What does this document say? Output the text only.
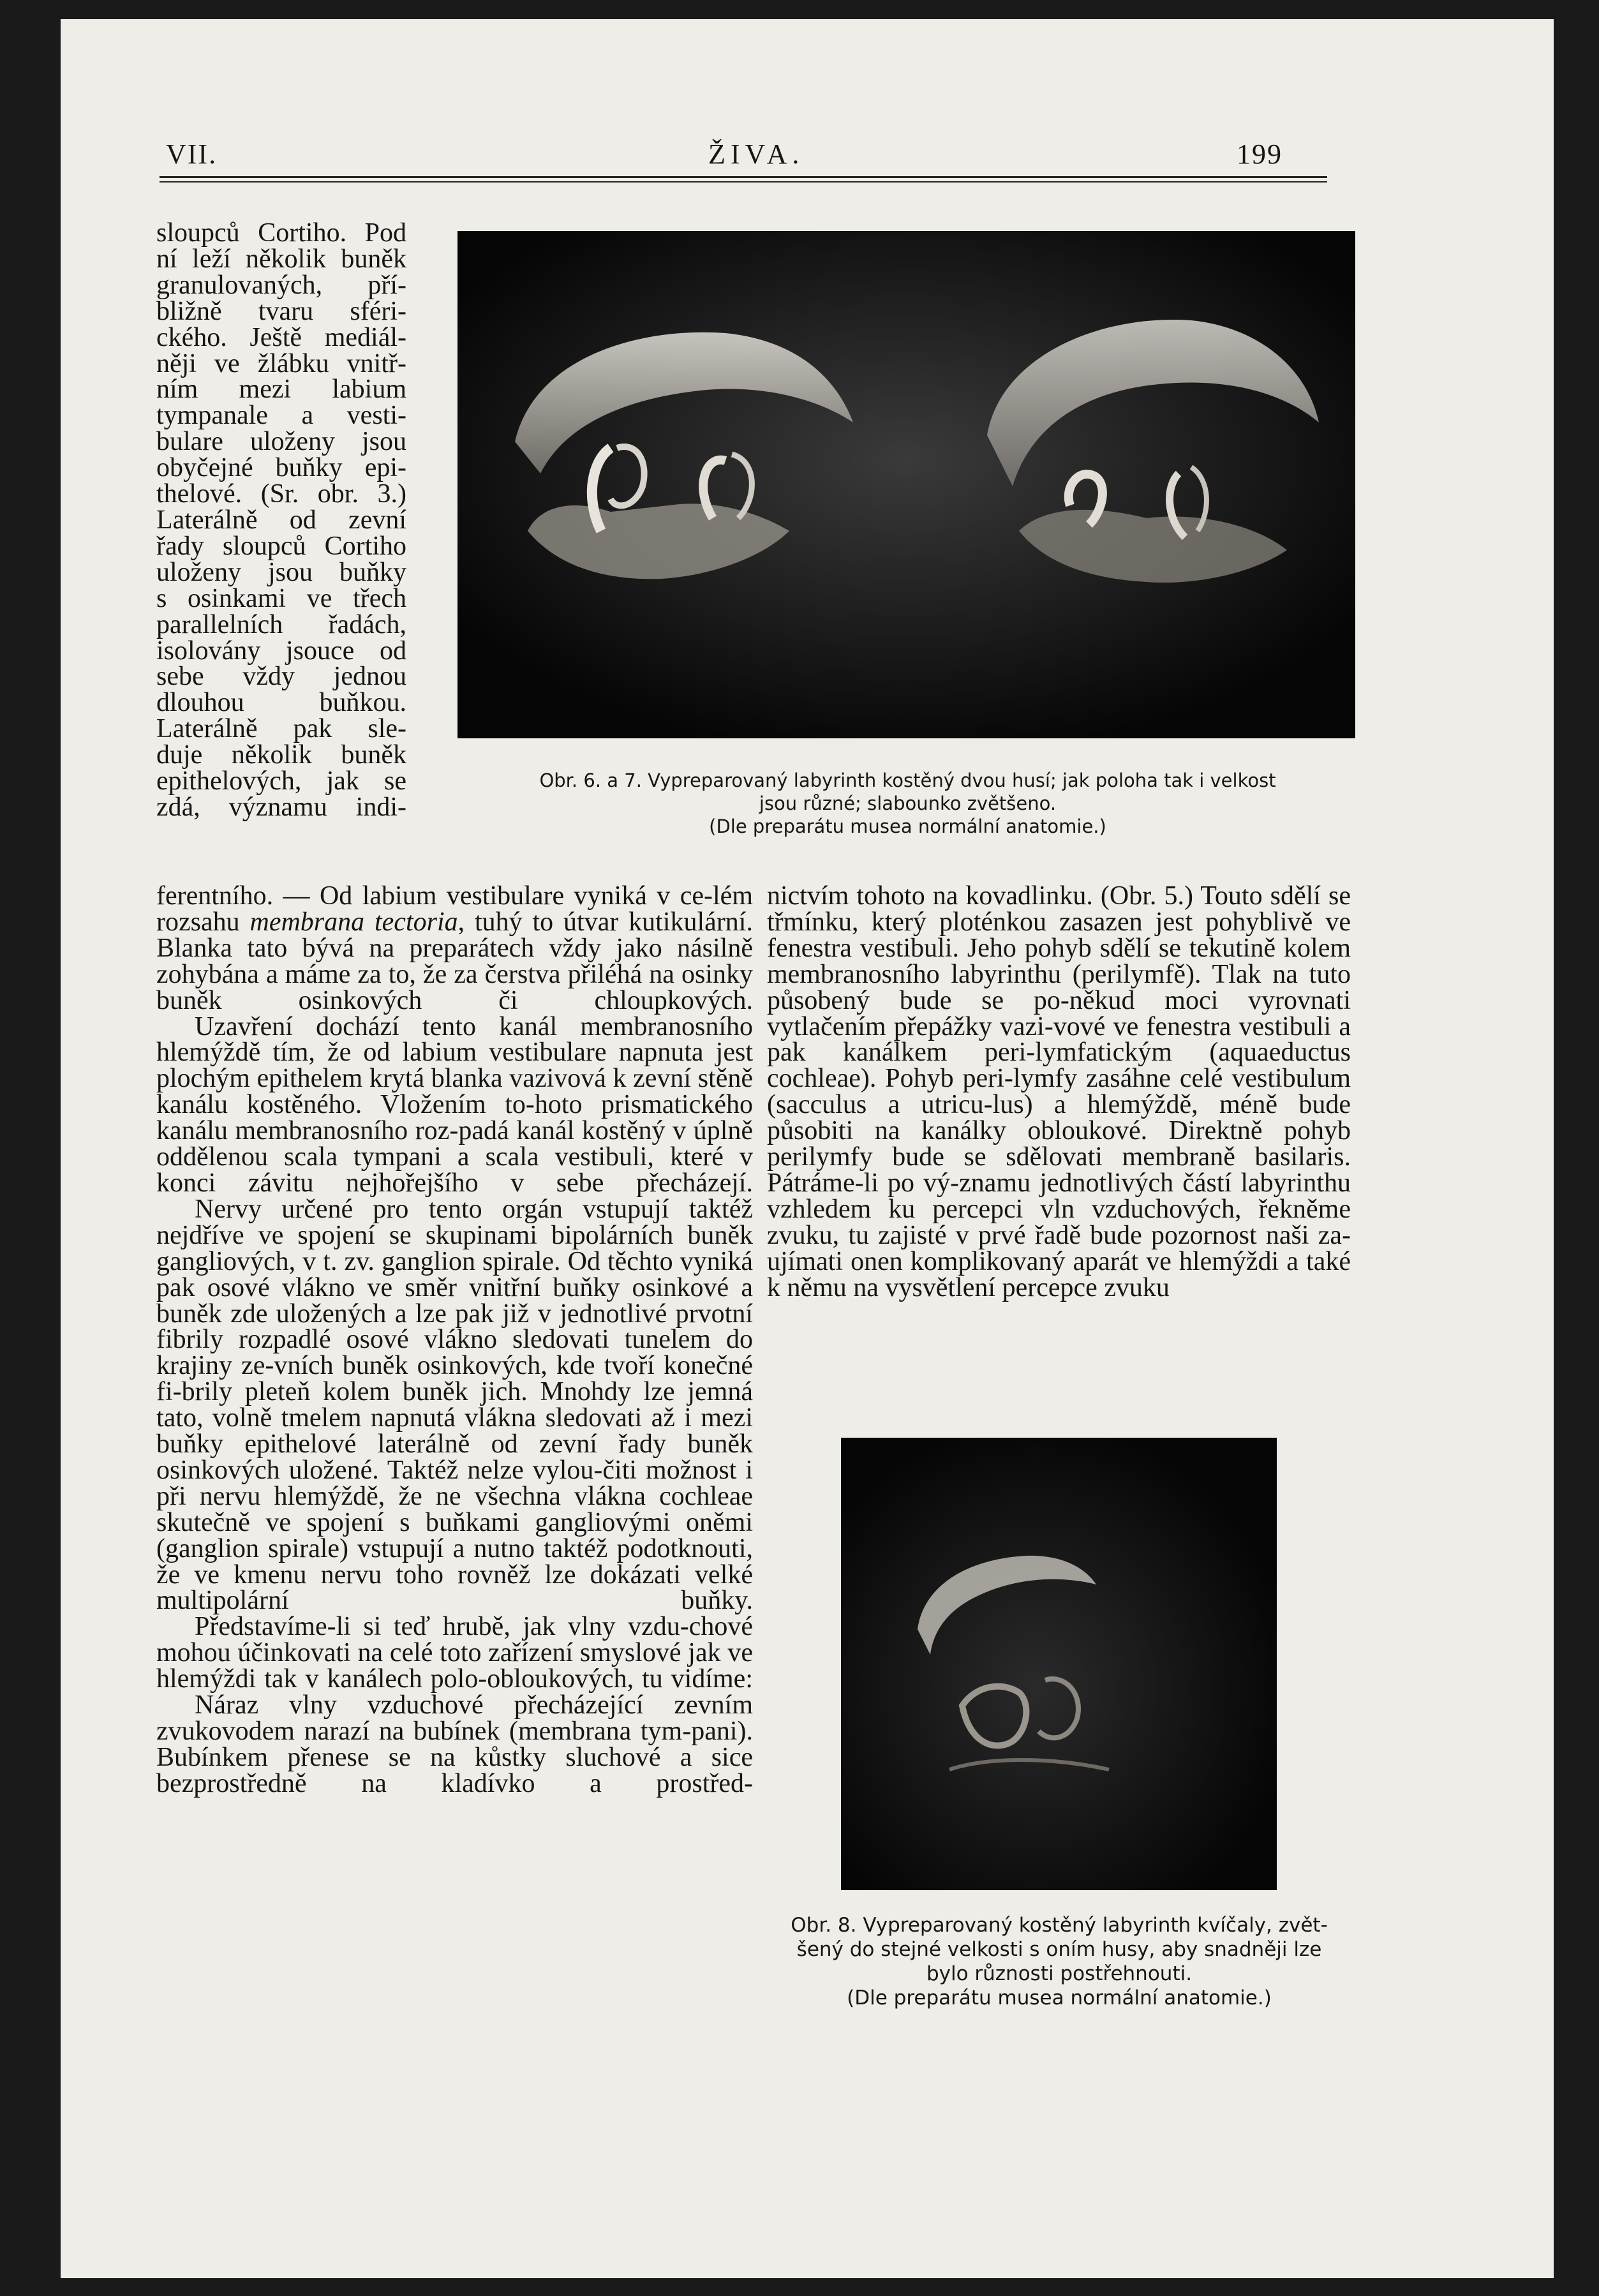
VII.	ŽIVA.	199

sloupců Cortiho. Pod

ní leží několik buněk

granulovaných, pří-

bližně tvaru sféri-

ckého. Ještě mediál-

něji ve žlábku vnitř-

ním mezi labium

tympanale a vesti-

bulare uloženy jsou

obyčejné buňky epi-

thelové. (Sr. obr. 3.)

Laterálně od zevní

řady sloupců Cortiho

uloženy jsou buňky

s osinkami ve třech

parallelních řadách,

isolovány jsouce od

sebe vždy jednou

dlouhou buňkou.

Laterálně pak sle-

duje několik buněk

epithelových, jak se

zdá, významu indi-

Obr. 6. a 7. Vypreparovaný labyrinth kostěný dvou husí; jak poloha tak i velkost

jsou různé; slabounko zvětšeno.

(Dle preparátu musea normální anatomie.)

ferentního. — Od labium vestibulare vyniká v ce-lém rozsahu membrana tectoria, tuhý to útvar kutikulární. Blanka tato bývá na preparátech vždy jako násilně zohybána a máme za to, že za čerstva přiléhá na osinky buněk osinkových či chloupkových.

Uzavření dochází tento kanál membranosního hlemýždě tím, že od labium vestibulare napnuta jest plochým epithelem krytá blanka vazivová k zevní stěně kanálu kostěného. Vložením to-hoto prismatického kanálu membranosního roz-padá kanál kostěný v úplně oddělenou scala tympani a scala vestibuli, které v konci závitu nejhořejšího v sebe přecházejí.

Nervy určené pro tento orgán vstupují taktéž nejdříve ve spojení se skupinami bipolárních buněk gangliových, v t. zv. ganglion spirale. Od těchto vyniká pak osové vlákno ve směr vnitřní buňky osinkové a buněk zde uložených a lze pak již v jednotlivé prvotní fibrily rozpadlé osové vlákno sledovati tunelem do krajiny ze-vních buněk osinkových, kde tvoří konečné fi-brily pleteň kolem buněk jich. Mnohdy lze jemná tato, volně tmelem napnutá vlákna sledovati až i mezi buňky epithelové laterálně od zevní řady buněk osinkových uložené. Taktéž nelze vylou-čiti možnost i při nervu hlemýždě, že ne všechna vlákna cochleae skutečně ve spojení s buňkami gangliovými oněmi (ganglion spirale) vstupují a nutno taktéž podotknouti, že ve kmenu nervu toho rovněž lze dokázati velké multipolární buňky.

Představíme-li si teď hrubě, jak vlny vzdu-chové mohou účinkovati na celé toto zařízení smyslové jak ve hlemýždi tak v kanálech polo-obloukových, tu vidíme:

Náraz vlny vzduchové přecházející zevním zvukovodem narazí na bubínek (membrana tym-pani). Bubínkem přenese se na kůstky sluchové a sice bezprostředně na kladívko a prostřed-

nictvím tohoto na kovadlinku. (Obr. 5.) Touto sdělí se třmínku, který ploténkou zasazen jest pohyblivě ve fenestra vestibuli. Jeho pohyb sdělí se tekutině kolem membranosního labyrinthu (perilymfě). Tlak na tuto působený bude se po-někud moci vyrovnati vytlačením přepážky vazi-vové ve fenestra vestibuli a pak kanálkem peri-lymfatickým (aquaeductus cochleae). Pohyb peri-lymfy zasáhne celé vestibulum (sacculus a utricu-lus) a hlemýždě, méně bude působiti na kanálky obloukové. Direktně pohyb perilymfy bude se sdělovati membraně basilaris. Pátráme-li po vý-znamu jednotlivých částí labyrinthu vzhledem ku percepci vln vzduchových, řekněme zvuku, tu zajisté v prvé řadě bude pozornost naši za-ujímati onen komplikovaný aparát ve hlemýždi a také k němu na vysvětlení percepce zvuku

Obr. 8. Vypreparovaný kostěný labyrinth kvíčaly, zvět-

šený do stejné velkosti s oním husy, aby snadněji lze

bylo různosti postřehnouti.

(Dle preparátu musea normální anatomie.)
